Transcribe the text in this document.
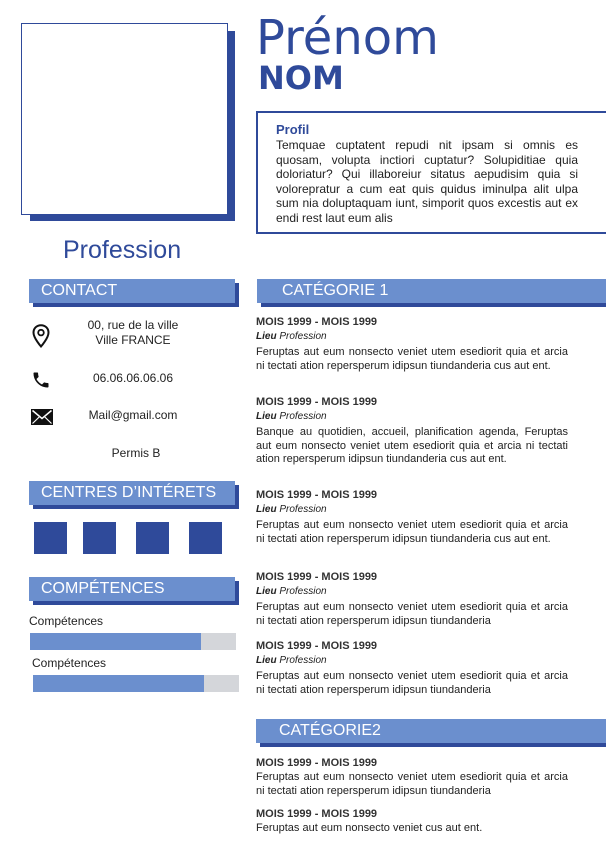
Prénom
NOM
Profil
Temquae cuptatent repudi nit ipsam si omnis es quosam, volupta inctiori cuptatur? Solupiditiae quia doloriatur? Qui illaboreiur sitatus aepudisim quia si volorepratur a cum eat quis quidus iminulpa alit ulpa sum nia doluptaquam iunt, simporit quos excestis aut ex endi rest laut eum alis
Profession
CONTACT
00, rue de la ville
Ville FRANCE
06.06.06.06.06
Mail@gmail.com
Permis B
CENTRES D’INTÉRETS
COMPÉTENCES
Compétences
Compétences
CATÉGORIE 1
MOIS 1999 - MOIS 1999
Lieu Profession
Feruptas aut eum nonsecto veniet utem esediorit quia et arcia ni tectati ation repersperum idipsun tiundanderia cus aut ent.
MOIS 1999 - MOIS 1999
Lieu Profession
Banque au quotidien, accueil, planification agenda, Feruptas aut eum nonsecto veniet utem esediorit quia et arcia ni tectati ation repersperum idipsun tiundanderia cus aut ent.
MOIS 1999 - MOIS 1999
Lieu Profession
Feruptas aut eum nonsecto veniet utem esediorit quia et arcia ni tectati ation repersperum idipsun tiundanderia cus aut ent.
MOIS 1999 - MOIS 1999
Lieu Profession
Feruptas aut eum nonsecto veniet utem esediorit quia et arcia ni tectati ation repersperum idipsun tiundanderia
MOIS 1999 - MOIS 1999
Lieu Profession
Feruptas aut eum nonsecto veniet utem esediorit quia et arcia ni tectati ation repersperum idipsun tiundanderia
CATÉGORIE2
MOIS 1999 - MOIS 1999
Feruptas aut eum nonsecto veniet utem esediorit quia et arcia ni tectati ation repersperum idipsun tiundanderia
MOIS 1999 - MOIS 1999
Feruptas aut eum nonsecto veniet cus aut ent.
